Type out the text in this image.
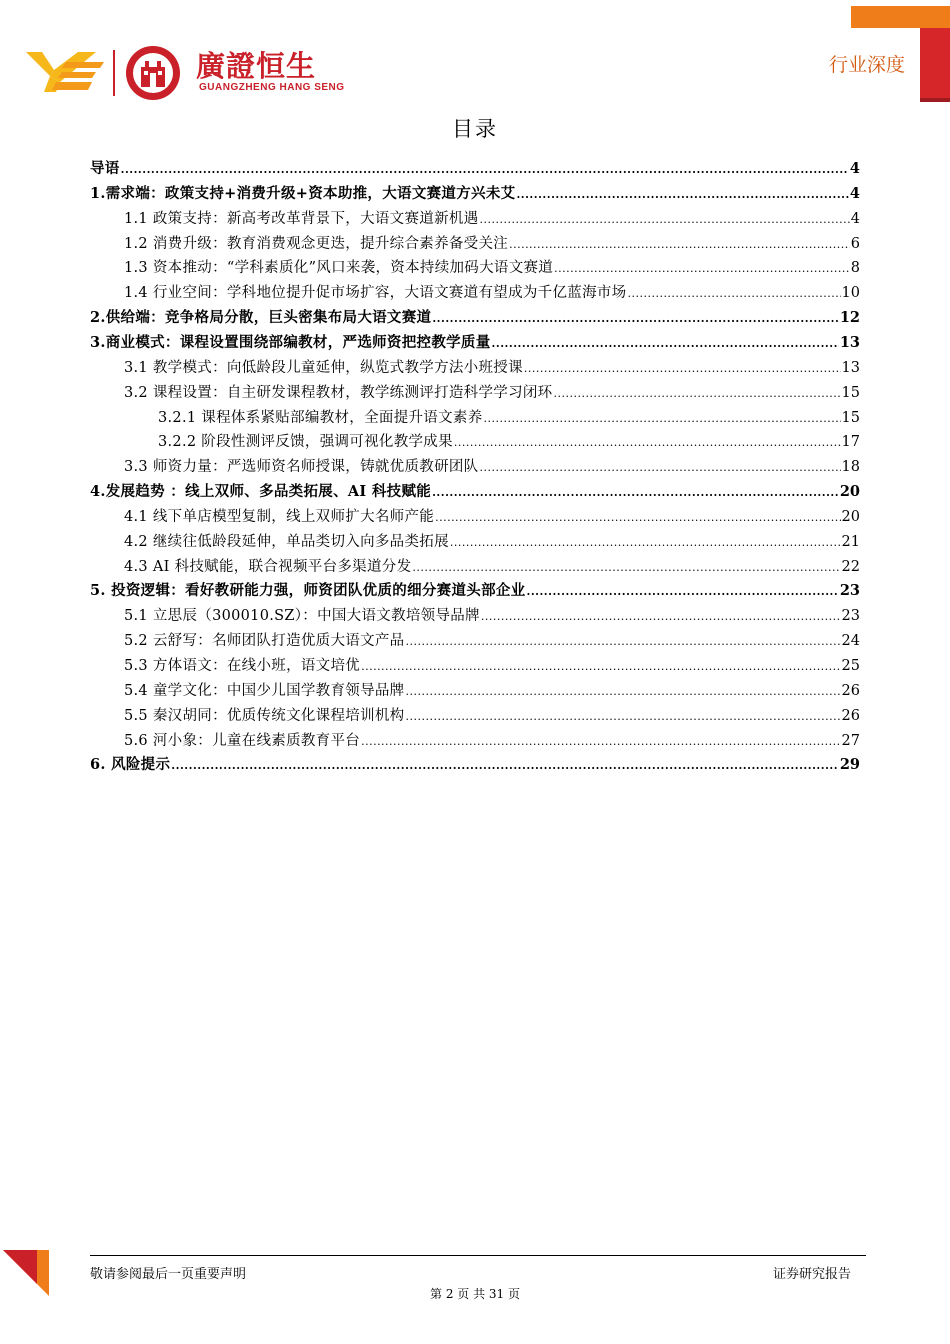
廣證恒生
GUANGZHENG HANG SENG
行业深度
目录
导语 .....	4
1.需求端：政策支持+消费升级+资本助推，大语文赛道方兴未艾 .....	4
1.1 政策支持：新高考改革背景下，大语文赛道新机遇 .....	4
1.2 消费升级：教育消费观念更迭，提升综合素养备受关注 .....	6
1.3 资本推动：“学科素质化”风口来袭，资本持续加码大语文赛道 .....	8
1.4 行业空间：学科地位提升促市场扩容，大语文赛道有望成为千亿蓝海市场 .....	10
2.供给端：竞争格局分散，巨头密集布局大语文赛道 .....	12
3.商业模式：课程设置围绕部编教材，严选师资把控教学质量 .....	13
3.1 教学模式：向低龄段儿童延伸，纵览式教学方法小班授课 .....	13
3.2 课程设置：自主研发课程教材，教学练测评打造科学学习闭环 .....	15
3.2.1 课程体系紧贴部编教材，全面提升语文素养 .....	15
3.2.2 阶段性测评反馈，强调可视化教学成果 .....	17
3.3 师资力量：严选师资名师授课，铸就优质教研团队 .....	18
4.发展趋势 ：线上双师、多品类拓展、AI 科技赋能 .....	20
4.1 线下单店模型复制，线上双师扩大名师产能 .....	20
4.2 继续往低龄段延伸，单品类切入向多品类拓展 .....	21
4.3 AI 科技赋能，联合视频平台多渠道分发 .....	22
5. 投资逻辑：看好教研能力强，师资团队优质的细分赛道头部企业 .....	23
5.1 立思辰（300010.SZ）：中国大语文教培领导品牌 .....	23
5.2 云舒写：名师团队打造优质大语文产品 .....	24
5.3 方体语文：在线小班，语文培优 .....	25
5.4 童学文化：中国少儿国学教育领导品牌 .....	26
5.5 秦汉胡同：优质传统文化课程培训机构 .....	26
5.6 河小象：儿童在线素质教育平台 .....	27
6. 风险提示 .....	29
敬请参阅最后一页重要声明	证券研究报告
第 2 页 共 31 页
